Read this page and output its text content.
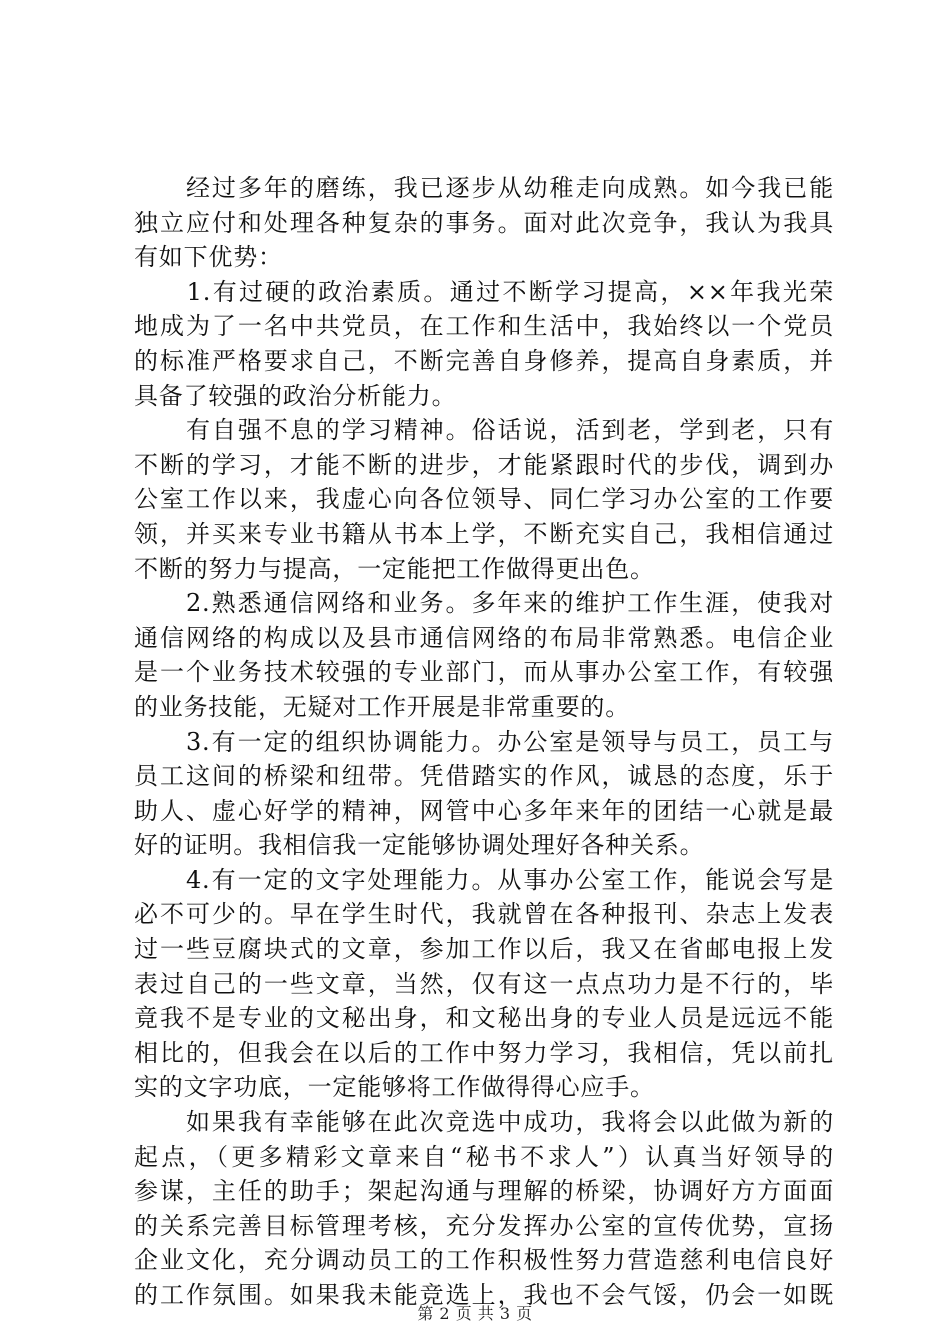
　　经过多年的磨练，我已逐步从幼稚走向成熟。如今我已能
独立应付和处理各种复杂的事务。面对此次竞争，我认为我具
有如下优势：
　　1.有过硬的政治素质。通过不断学习提高，××年我光荣
地成为了一名中共党员，在工作和生活中，我始终以一个党员
的标准严格要求自己，不断完善自身修养，提高自身素质，并
具备了较强的政治分析能力。
　　有自强不息的学习精神。俗话说，活到老，学到老，只有
不断的学习，才能不断的进步，才能紧跟时代的步伐，调到办
公室工作以来，我虚心向各位领导、同仁学习办公室的工作要
领，并买来专业书籍从书本上学，不断充实自己，我相信通过
不断的努力与提高，一定能把工作做得更出色。
　　2.熟悉通信网络和业务。多年来的维护工作生涯，使我对
通信网络的构成以及县市通信网络的布局非常熟悉。电信企业
是一个业务技术较强的专业部门，而从事办公室工作，有较强
的业务技能，无疑对工作开展是非常重要的。
　　3.有一定的组织协调能力。办公室是领导与员工，员工与
员工这间的桥梁和纽带。凭借踏实的作风，诚恳的态度，乐于
助人、虚心好学的精神，网管中心多年来年的团结一心就是最
好的证明。我相信我一定能够协调处理好各种关系。
　　4.有一定的文字处理能力。从事办公室工作，能说会写是
必不可少的。早在学生时代，我就曾在各种报刊、杂志上发表
过一些豆腐块式的文章，参加工作以后，我又在省邮电报上发
表过自己的一些文章，当然，仅有这一点点功力是不行的，毕
竟我不是专业的文秘出身，和文秘出身的专业人员是远远不能
相比的，但我会在以后的工作中努力学习，我相信，凭以前扎
实的文字功底，一定能够将工作做得得心应手。
　　如果我有幸能够在此次竞选中成功，我将会以此做为新的
起点，（更多精彩文章来自“秘书不求人”）认真当好领导的
参谋，主任的助手；架起沟通与理解的桥梁，协调好方方面面
的关系完善目标管理考核，充分发挥办公室的宣传优势，宣扬
企业文化，充分调动员工的工作积极性努力营造慈利电信良好
的工作氛围。如果我未能竞选上，我也不会气馁，仍会一如既
第 2 页 共 3 页
